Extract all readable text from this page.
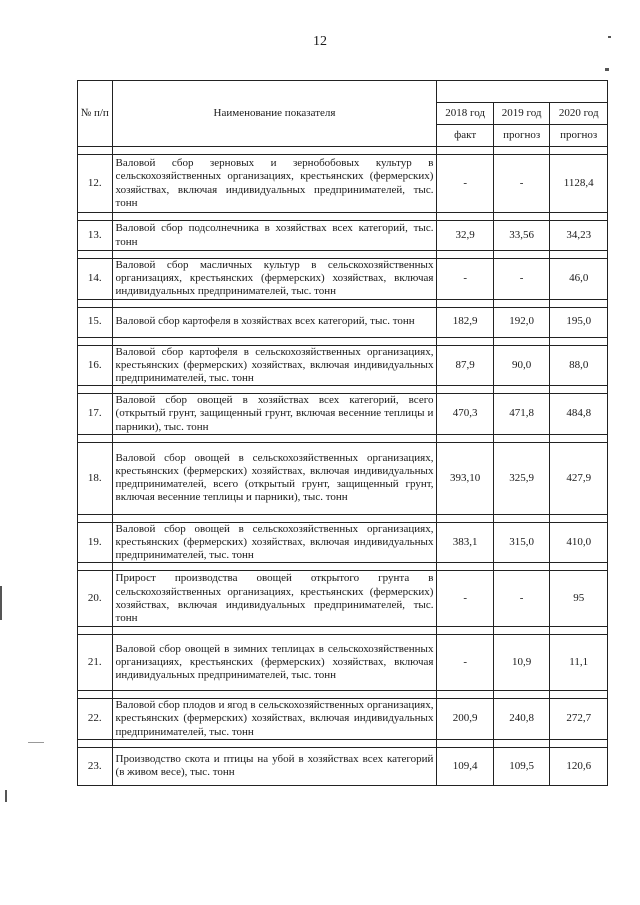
12
№ п/п	Наименование показателя			
		2018 год	2019 год	2020 год
		факт	прогноз	прогноз

12.	Валовой сбор зерновых и зернобобовых культур в сельскохозяйственных организациях, крестьянских (фермерских) хозяйствах, включая индивидуальных предпринимателей, тыс. тонн	-	-	1128,4

13.	Валовой сбор подсолнечника в хозяйствах всех категорий, тыс. тонн	32,9	33,56	34,23

14.	Валовой сбор масличных культур в сельскохозяйственных организациях, крестьянских (фермерских) хозяйствах, включая индивидуальных предпринимателей, тыс. тонн	-	-	46,0

15.	Валовой сбор картофеля в хозяйствах всех категорий, тыс. тонн	182,9	192,0	195,0

16.	Валовой сбор картофеля в сельскохозяйственных организациях, крестьянских (фермерских) хозяйствах, включая индивидуальных предпринимателей, тыс. тонн	87,9	90,0	88,0

17.	Валовой сбор овощей в хозяйствах всех категорий, всего (открытый грунт, защищенный грунт, включая весенние теплицы и парники), тыс. тонн	470,3	471,8	484,8

18.	Валовой сбор овощей в сельскохозяйственных организациях, крестьянских (фермерских) хозяйствах, включая индивидуальных предпринимателей, всего (открытый грунт, защищенный грунт, включая весенние теплицы и парники), тыс. тонн	393,10	325,9	427,9

19.	Валовой сбор овощей в сельскохозяйственных организациях, крестьянских (фермерских) хозяйствах, включая индивидуальных предпринимателей, тыс. тонн	383,1	315,0	410,0

20.	Прирост производства овощей открытого грунта в сельскохозяйственных организациях, крестьянских (фермерских) хозяйствах, включая индивидуальных предпринимателей, тыс. тонн	-	-	95

21.	Валовой сбор овощей в зимних теплицах в сельскохозяйственных организациях, крестьянских (фермерских) хозяйствах, включая индивидуальных предпринимателей, тыс. тонн	-	10,9	11,1

22.	Валовой сбор плодов и ягод в сельскохозяйственных организациях, крестьянских (фермерских) хозяйствах, включая индивидуальных предпринимателей, тыс. тонн	200,9	240,8	272,7

23.	Производство скота и птицы на убой в хозяйствах всех категорий (в живом весе), тыс. тонн	109,4	109,5	120,6
